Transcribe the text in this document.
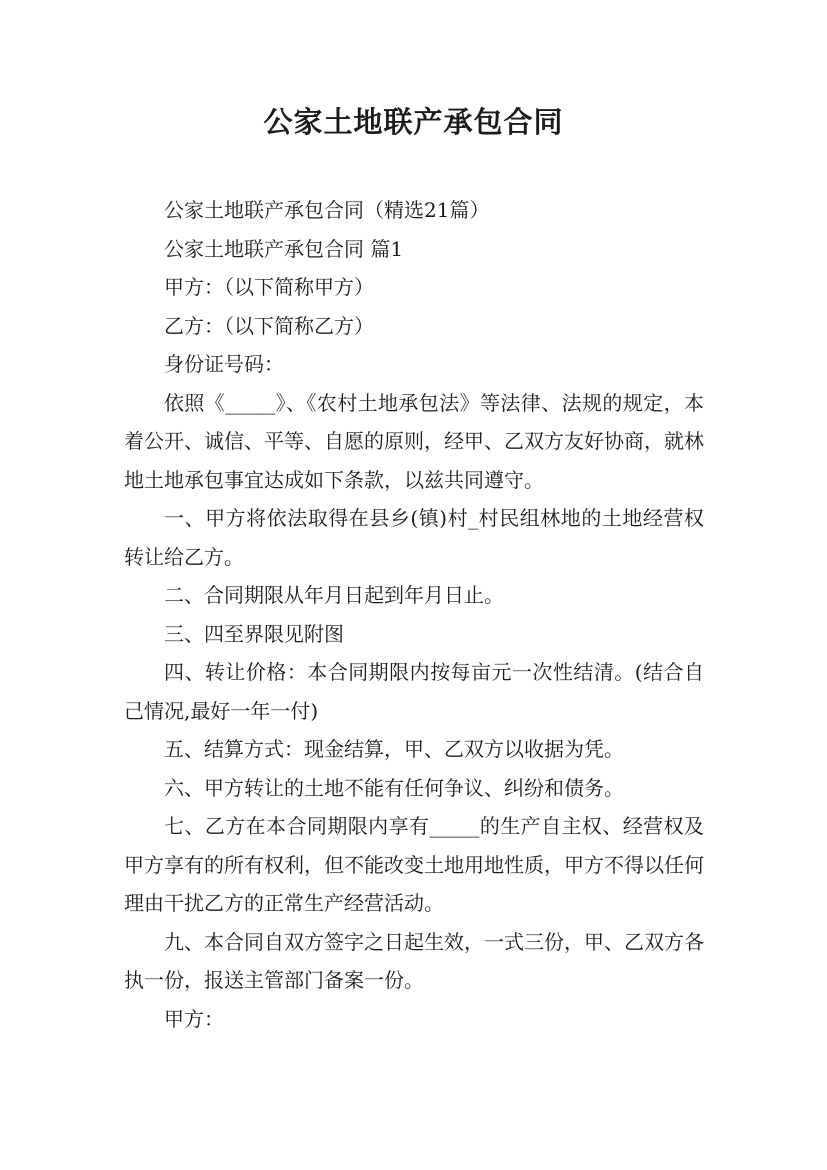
公家土地联产承包合同

公家土地联产承包合同（精选21篇）

公家土地联产承包合同 篇1

甲方：（以下简称甲方）

乙方：（以下简称乙方）

身份证号码：

依照《_____》、《农村土地承包法》等法律、法规的规定，本着公开、诚信、平等、自愿的原则，经甲、乙双方友好协商，就林地土地承包事宜达成如下条款，以兹共同遵守。

一、甲方将依法取得在县乡(镇)村_村民组林地的土地经营权转让给乙方。

二、合同期限从年月日起到年月日止。

三、四至界限见附图

四、转让价格：本合同期限内按每亩元一次性结清。(结合自己情况,最好一年一付)

五、结算方式：现金结算，甲、乙双方以收据为凭。

六、甲方转让的土地不能有任何争议、纠纷和债务。

七、乙方在本合同期限内享有_____的生产自主权、经营权及甲方享有的所有权利，但不能改变土地用地性质，甲方不得以任何理由干扰乙方的正常生产经营活动。

九、本合同自双方签字之日起生效，一式三份，甲、乙双方各执一份，报送主管部门备案一份。

甲方：
